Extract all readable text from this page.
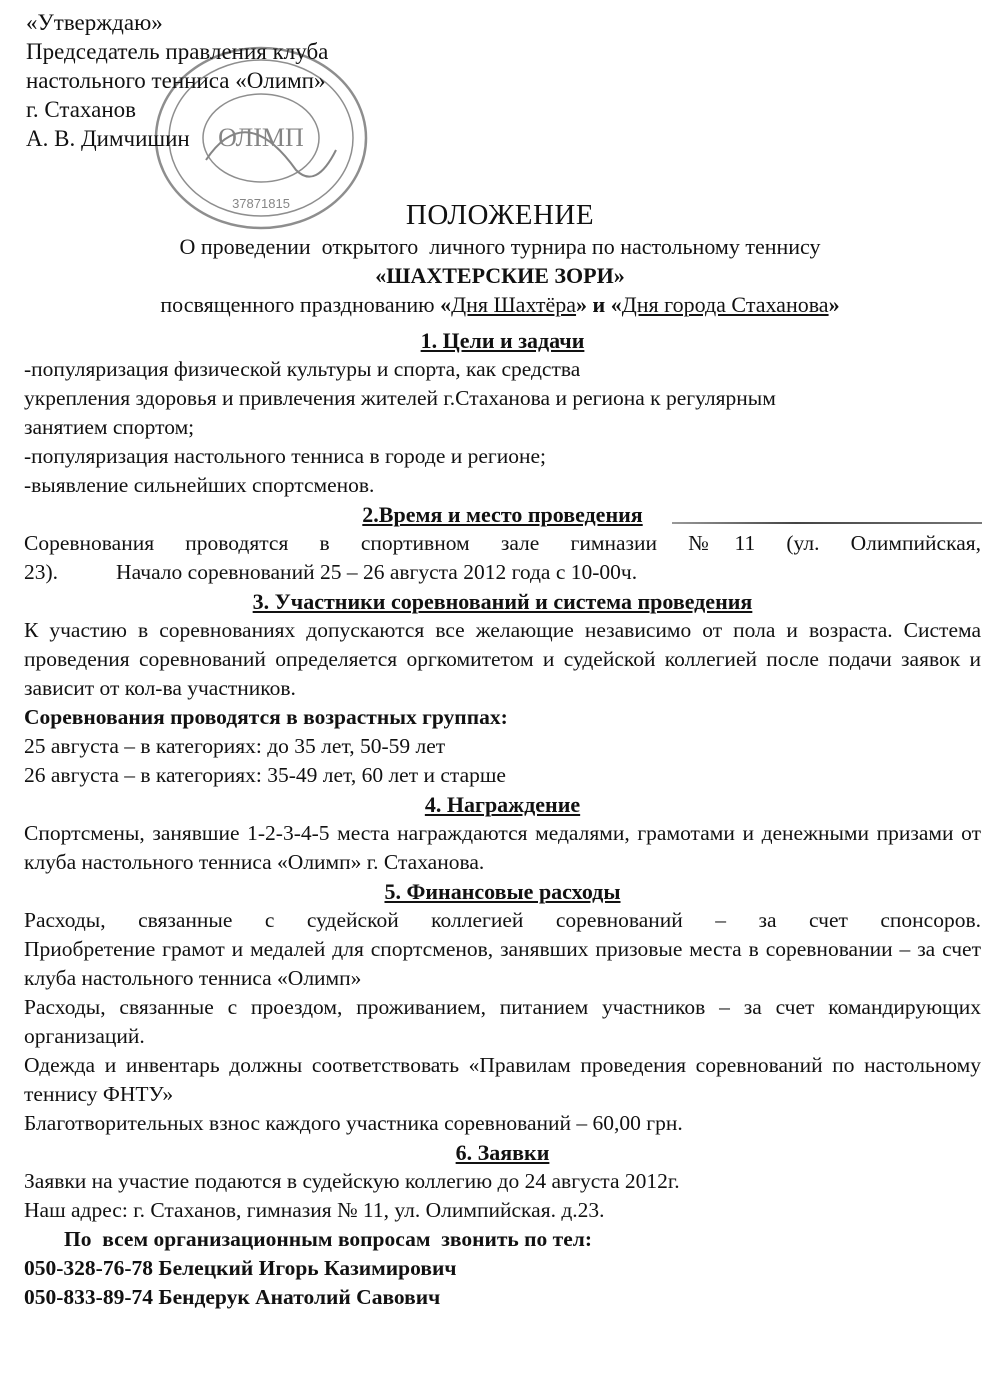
ОЛІМП
37871815
«Утверждаю»
Председатель правления клуба
настольного тенниса «Олимп»
г. Стаханов
А. В. Димчишин
ПОЛОЖЕНИЕ
О проведении  открытого  личного турнира по настольному теннису
«ШАХТЕРСКИЕ ЗОРИ»
посвященного празднованию «Дня Шахтёра» и «Дня города Стаханова»
1. Цели и задачи
-популяризация физической культуры и спорта, как средства
укрепления здоровья и привлечения жителей г.Стаханова и региона к регулярным
занятием спортом;
-популяризация настольного тенниса в городе и регионе;
-выявление сильнейших спортсменов.
2.Время и место проведения
Соревнования проводятся в спортивном зале гимназии №11 (ул. Олимпийская,
23).	Начало соревнований 25 – 26 августа 2012 года с 10-00ч.
3. Участники соревнований и система проведения
К участию в соревнованиях допускаются все желающие независимо от пола и возраста. Система проведения соревнований определяется оргкомитетом и судейской коллегией после подачи заявок и зависит от кол-ва участников.
Соревнования проводятся в возрастных группах:
25 августа – в категориях: до 35 лет, 50-59 лет
26 августа – в категориях: 35-49 лет, 60 лет и старше
4. Награждение
Спортсмены, занявшие 1-2-3-4-5 места награждаются медалями, грамотами и денежными призами от клуба настольного тенниса «Олимп» г. Стаханова.
5. Финансовые расходы
Расходы, связанные с судейской коллегией соревнований – за счет спонсоров.
Приобретение грамот и медалей для спортсменов, занявших призовые места в соревновании – за счет клуба настольного тенниса «Олимп»
Расходы, связанные с проездом, проживанием, питанием участников – за счет командирующих организаций.
Одежда и инвентарь должны соответствовать «Правилам проведения соревнований по настольному теннису ФНТУ»
Благотворительных взнос каждого участника соревнований – 60,00 грн.
6. Заявки
Заявки на участие подаются в судейскую коллегию до 24 августа 2012г.
Наш адрес: г. Стаханов, гимназия № 11, ул. Олимпийская. д.23.
По  всем организационным вопросам  звонить по тел:
050-328-76-78 Белецкий Игорь Казимирович
050-833-89-74 Бендерук Анатолий Савович
